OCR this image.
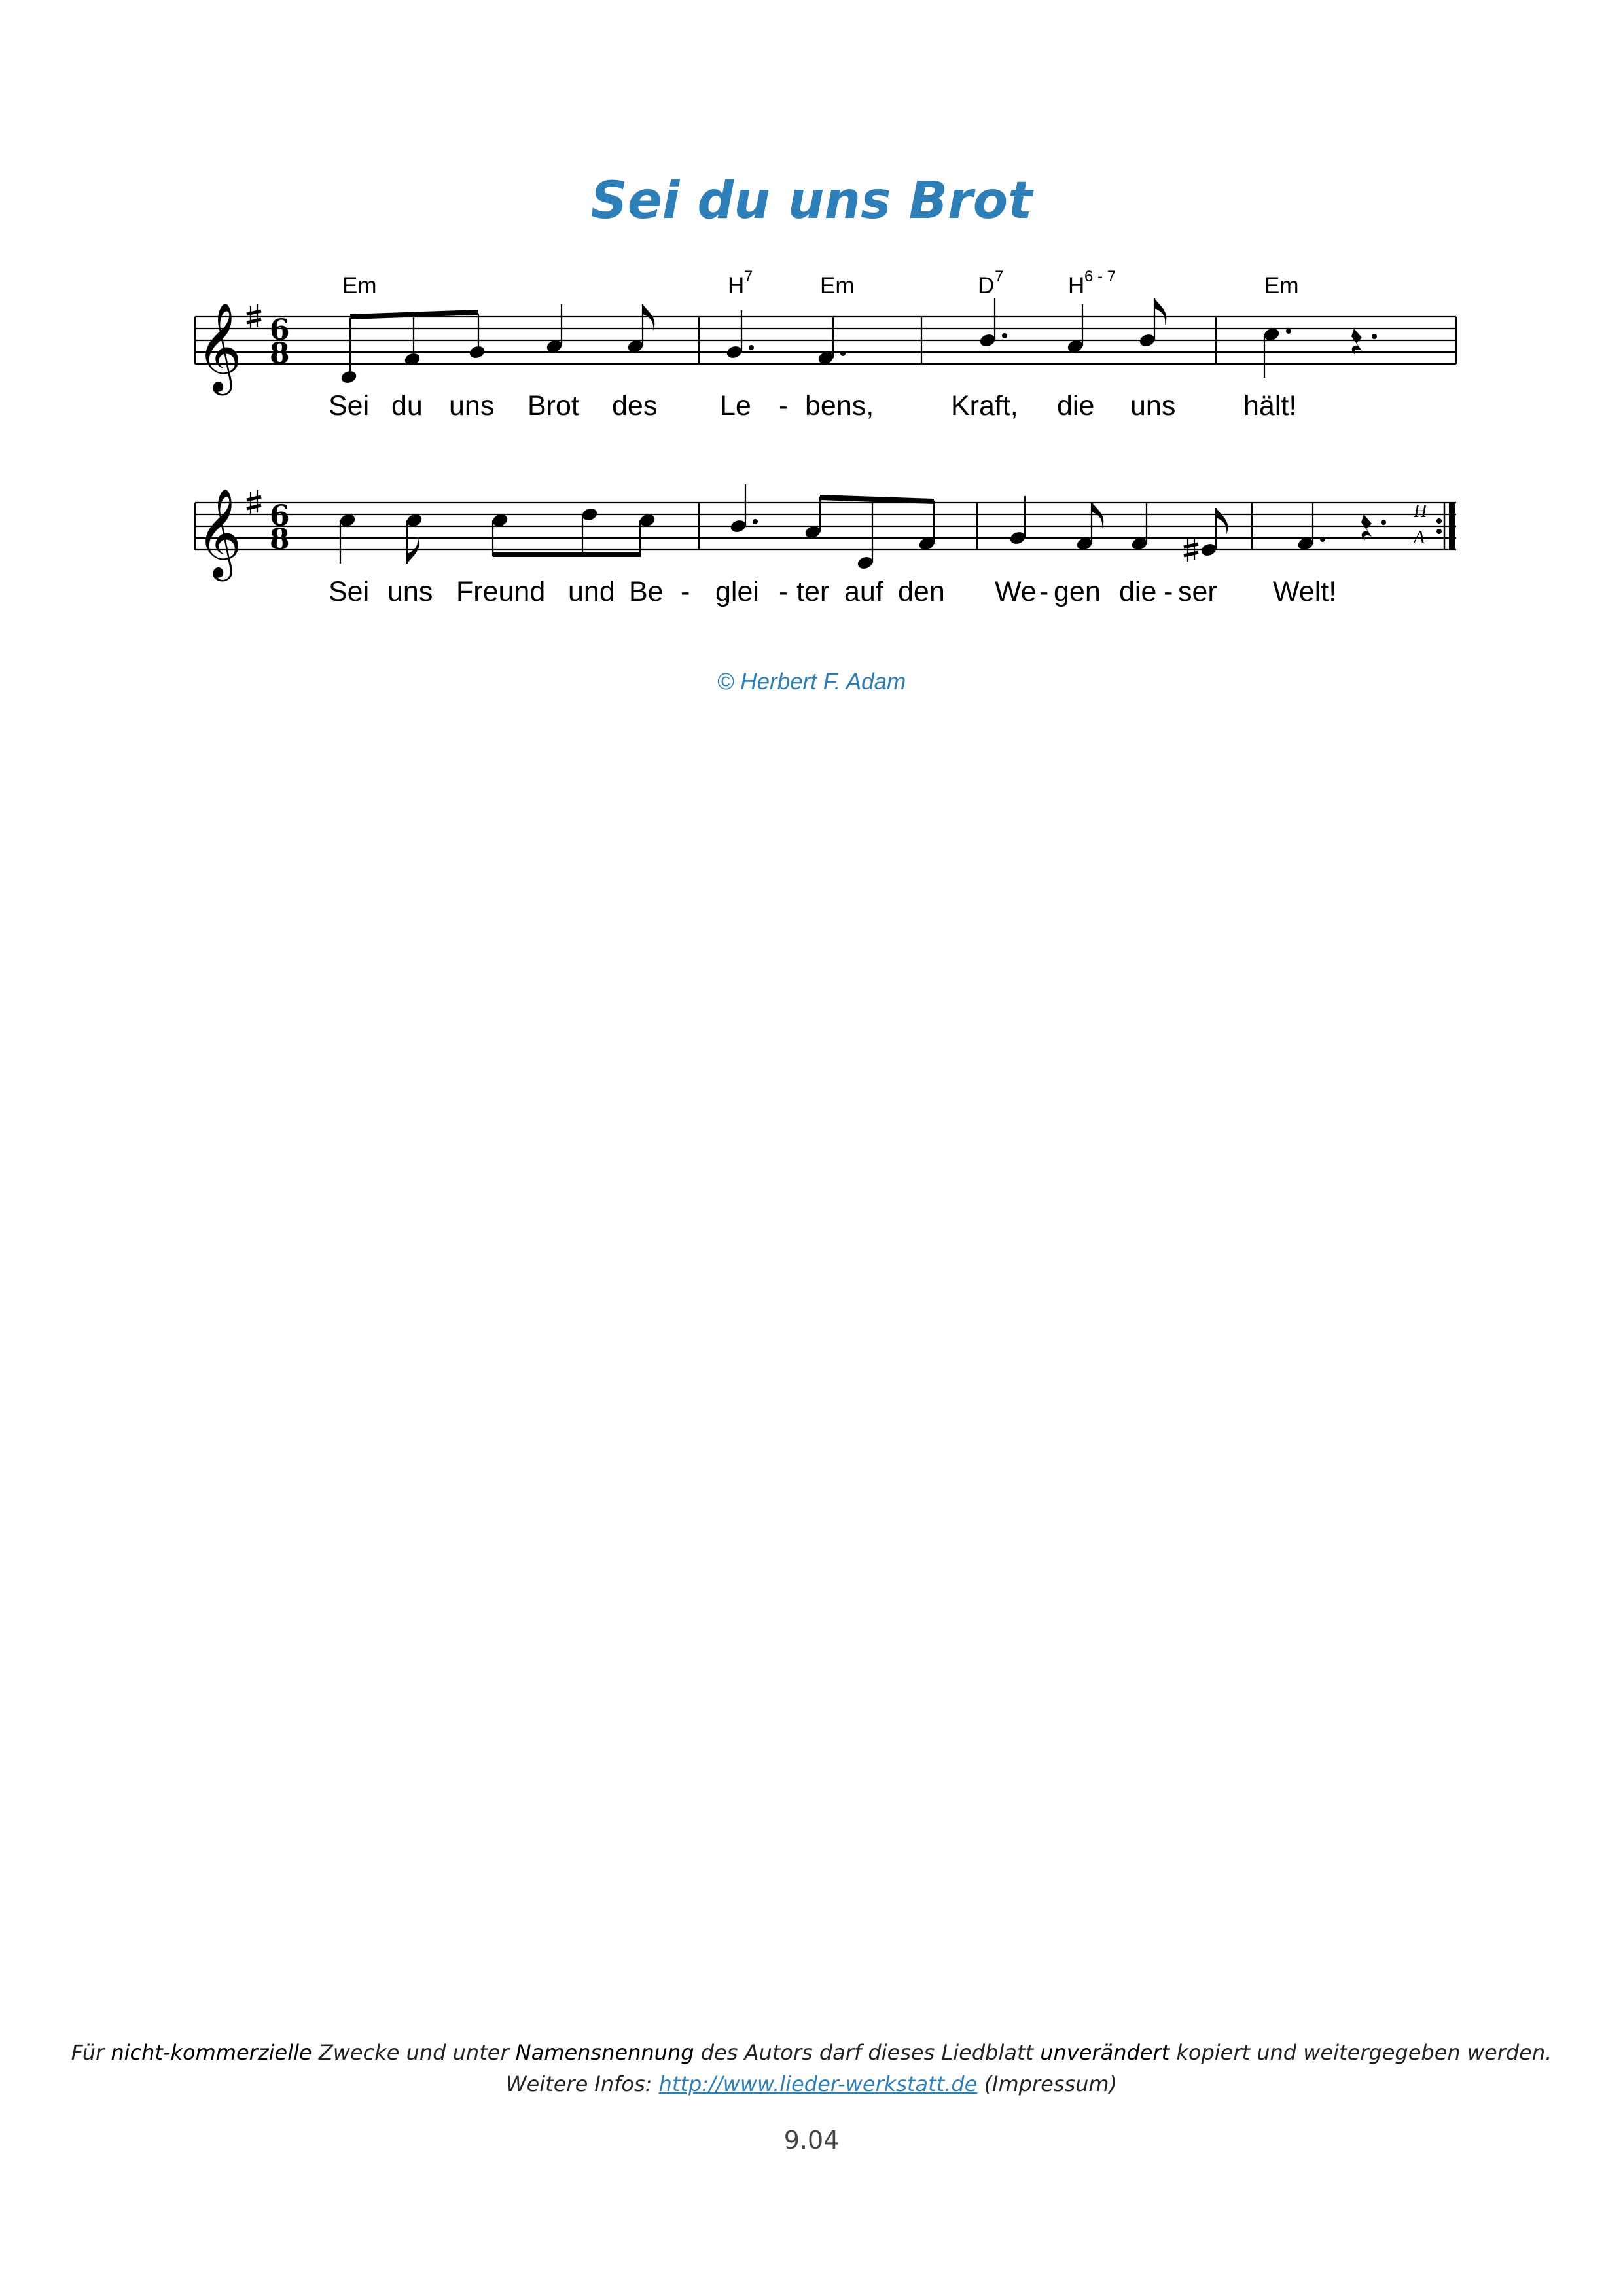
Sei du uns Brot
𝄞 6
8
Em	H 7	Em	D 7	H 6 - 7	Em
Sei du uns Brot des Le - bens,	Kraft, die uns hält!
𝄞 6
8
H
A
Sei uns Freund und Be - glei - ter auf den We - gen die - ser Welt!
© Herbert F. Adam
Für nicht-kommerzielle Zwecke und unter Namensnennung des Autors darf dieses Liedblatt unverändert kopiert und weitergegeben werden.
Weitere Infos: http://www.lieder-werkstatt.de (Impressum)
9.04
